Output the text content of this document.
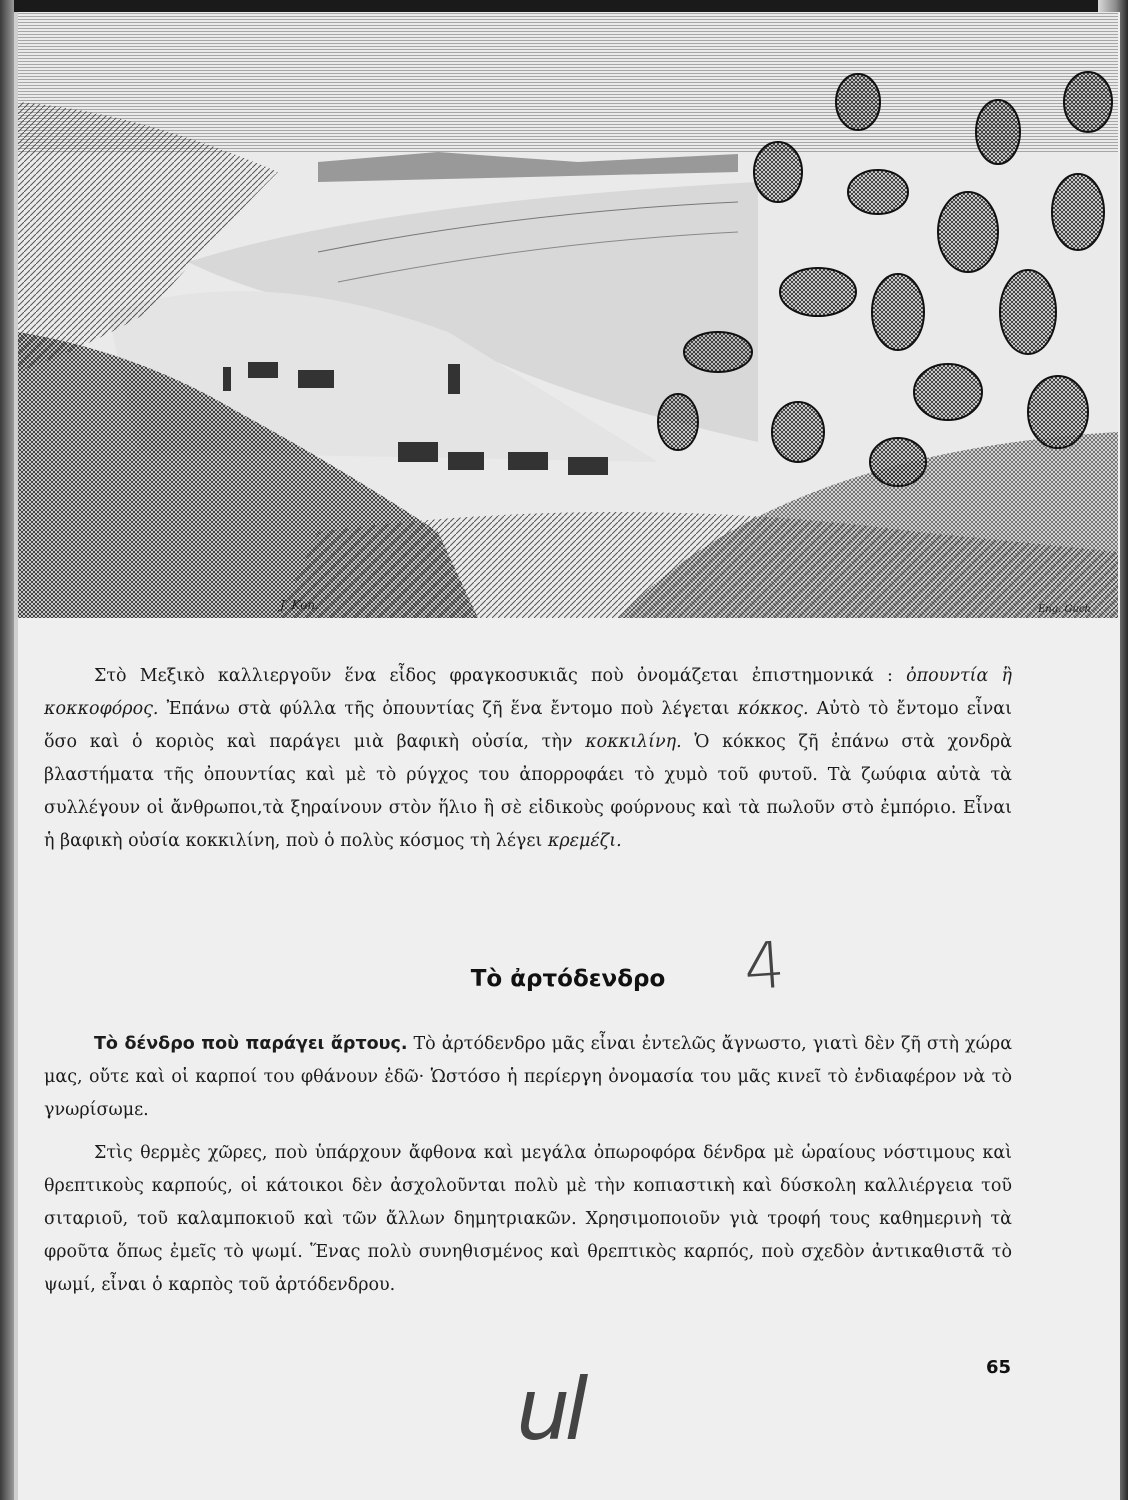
J. Kon.	Eng. Guch
Στὸ Μεξικὸ καλλιεργοῦν ἕνα εἶδος φραγκοσυκιᾶς ποὺ ὀνομάζεται ἐπιστημονικά : ὀπουντία ἢ κοκκοφόρος. Ἐπάνω στὰ φύλλα τῆς ὀπουντίας ζῆ ἕνα ἔντομο ποὺ λέγεται κόκκος. Αὐτὸ τὸ ἔντομο εἶναι ὅσο καὶ ὁ κοριὸς καὶ παράγει μιὰ βαφικὴ οὐσία, τὴν κοκκιλίνη. Ὁ κόκκος ζῆ ἐπάνω στὰ χονδρὰ βλαστήματα τῆς ὀπουντίας καὶ μὲ τὸ ρύγχος του ἀπορροφάει τὸ χυμὸ τοῦ φυτοῦ. Τὰ ζωύφια αὐτὰ τὰ συλλέγουν οἱ ἄνθρωποι,τὰ ξηραίνουν στὸν ἥλιο ἢ σὲ εἰδικοὺς φούρνους καὶ τὰ πωλοῦν στὸ ἐμπόριο. Εἶναι ἡ βαφικὴ οὐσία κοκκιλίνη, ποὺ ὁ πολὺς κόσμος τὴ λέγει κρεμέζι.
Τὸ ἀρτόδενδρο	4
Τὸ δένδρο ποὺ παράγει ἄρτους. Τὸ ἀρτόδενδρο μᾶς εἶναι ἐντελῶς ἄγνωστο, γιατὶ δὲν ζῆ στὴ χώρα μας, οὔτε καὶ οἱ καρποί του φθάνουν ἐδῶ· Ὡστόσο ἡ περίεργη ὀνομασία του μᾶς κινεῖ τὸ ἐνδιαφέρον νὰ τὸ γνωρίσωμε.
Στὶς θερμὲς χῶρες, ποὺ ὑπάρχουν ἄφθονα καὶ μεγάλα ὀπωροφόρα δένδρα μὲ ὡραίους νόστιμους καὶ θρεπτικοὺς καρπούς, οἱ κάτοικοι δὲν ἀσχολοῦνται πολὺ μὲ τὴν κοπιαστικὴ καὶ δύσκολη καλλιέργεια τοῦ σιταριοῦ, τοῦ καλαμποκιοῦ καὶ τῶν ἄλλων δημητριακῶν. Χρησιμοποιοῦν γιὰ τροφή τους καθημερινὴ τὰ φροῦτα ὅπως ἐμεῖς τὸ ψωμί. Ἕνας πολὺ συνηθισμένος καὶ θρεπτικὸς καρπός, ποὺ σχεδὸν ἀντικαθιστᾶ τὸ ψωμί, εἶναι ὁ καρπὸς τοῦ ἀρτόδενδρου.
65
ul
